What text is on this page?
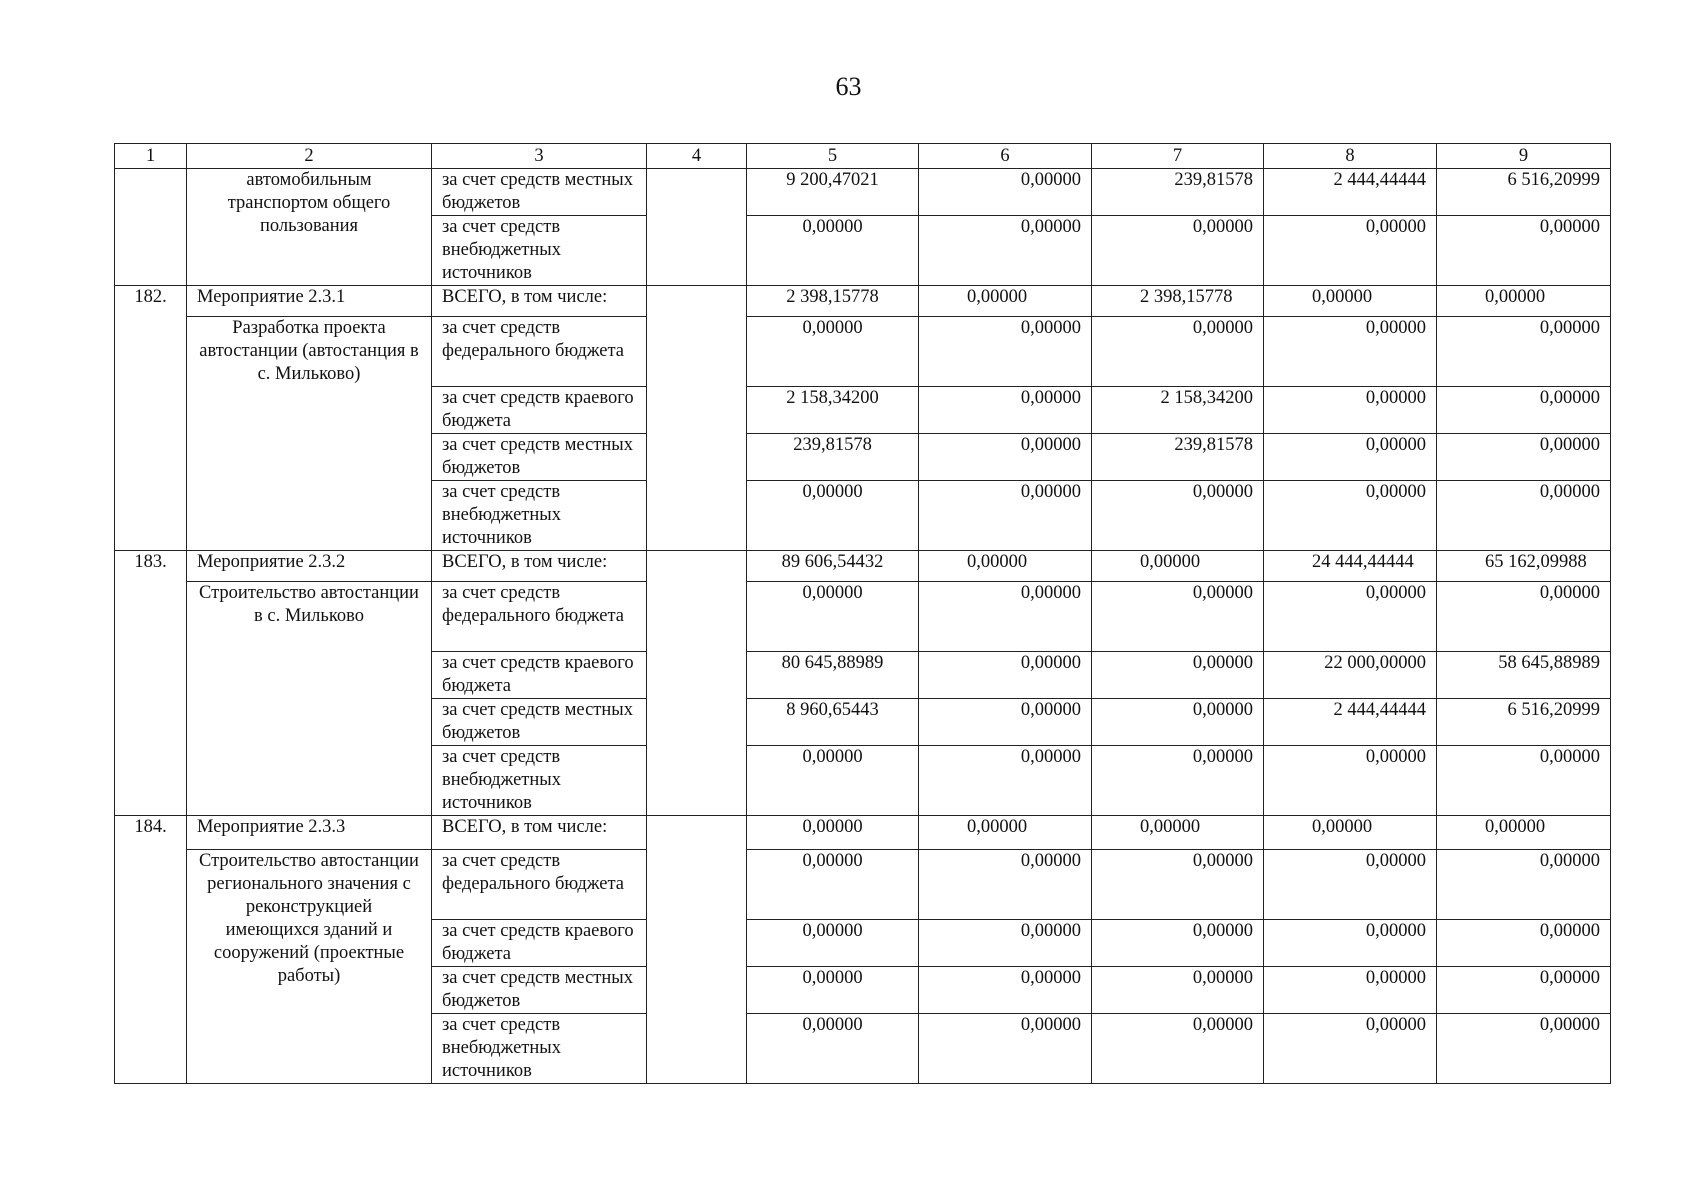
63
1	2	3	4	5	6	7	8	9
	автомобильным транспортом общего пользования	за счет средств местных бюджетов		9 200,47021	0,00000	239,81578	2 444,44444	6 516,20999
		за счет средств внебюджетных источников		0,00000	0,00000	0,00000	0,00000	0,00000
182.	Мероприятие 2.3.1	ВСЕГО, в том числе:		2 398,15778	0,00000	2 398,15778	0,00000	0,00000
	Разработка проекта автостанции (автостанция в с. Мильково)	за счет средств федерального бюджета		0,00000	0,00000	0,00000	0,00000	0,00000
		за счет средств краевого бюджета		2 158,34200	0,00000	2 158,34200	0,00000	0,00000
		за счет средств местных бюджетов		239,81578	0,00000	239,81578	0,00000	0,00000
		за счет средств внебюджетных источников		0,00000	0,00000	0,00000	0,00000	0,00000
183.	Мероприятие 2.3.2	ВСЕГО, в том числе:		89 606,54432	0,00000	0,00000	24 444,44444	65 162,09988
	Строительство автостанции в с. Мильково	за счет средств федерального бюджета		0,00000	0,00000	0,00000	0,00000	0,00000
		за счет средств краевого бюджета		80 645,88989	0,00000	0,00000	22 000,00000	58 645,88989
		за счет средств местных бюджетов		8 960,65443	0,00000	0,00000	2 444,44444	6 516,20999
		за счет средств внебюджетных источников		0,00000	0,00000	0,00000	0,00000	0,00000
184.	Мероприятие 2.3.3	ВСЕГО, в том числе:		0,00000	0,00000	0,00000	0,00000	0,00000
	Строительство автостанции регионального значения с реконструкцией имеющихся зданий и сооружений (проектные работы)	за счет средств федерального бюджета		0,00000	0,00000	0,00000	0,00000	0,00000
		за счет средств краевого бюджета		0,00000	0,00000	0,00000	0,00000	0,00000
		за счет средств местных бюджетов		0,00000	0,00000	0,00000	0,00000	0,00000
		за счет средств внебюджетных источников		0,00000	0,00000	0,00000	0,00000	0,00000
